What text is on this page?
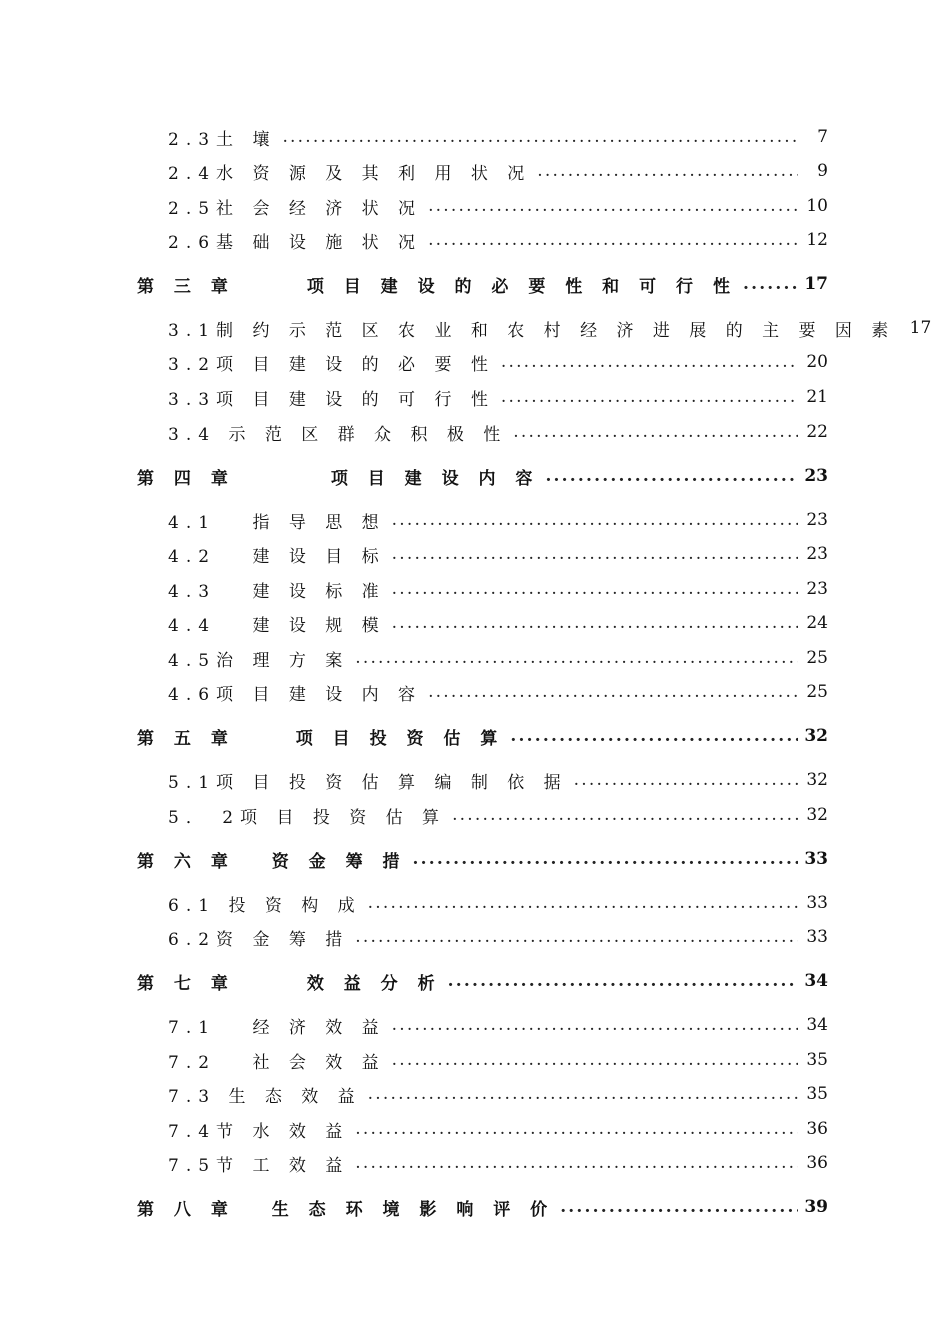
2.3土 壤 .....	7
2.4水 资 源 及 其 利 用 状 况 .....	9
2.5社 会 经 济 状 况 .....	10
2.6基 础 设 施 状 况 .....	12
第 三 章　　　项 目 建 设 的 必 要 性 和 可 行 性 .....	17
3.1制 约 示 范 区 农 业 和 农 村 经 济 进 展 的 主 要 因 素 17
3.2项 目 建 设 的 必 要 性 .....	20
3.3项 目 建 设 的 可 行 性 .....	21
3.4 示 范 区 群 众 积 极 性 .....	22
第 四 章　　　　项 目 建 设 内 容 .....	23
4.1　 指 导 思 想 .....	23
4.2　 建 设 目 标 .....	23
4.3　 建 设 标 准 .....	23
4.4　 建 设 规 模 .....	24
4.5治 理 方 案 .....	25
4.6项 目 建 设 内 容 .....	25
第 五 章　　 项 目 投 资 估 算 .....	32
5.1项 目 投 资 估 算 编 制 依 据 .....	32
5． 2项 目 投 资 估 算 .....	32
第 六 章　 资 金 筹 措 .....	33
6.1 投 资 构 成 .....	33
6.2资 金 筹 措 .....	33
第 七 章　　　效 益 分 析 .....	34
7.1　 经 济 效 益 .....	34
7.2　 社 会 效 益 .....	35
7.3 生 态 效 益 .....	35
7.4节 水 效 益 .....	36
7.5节 工 效 益 .....	36
第 八 章　 生 态 环 境 影 响 评 价 .....	39
